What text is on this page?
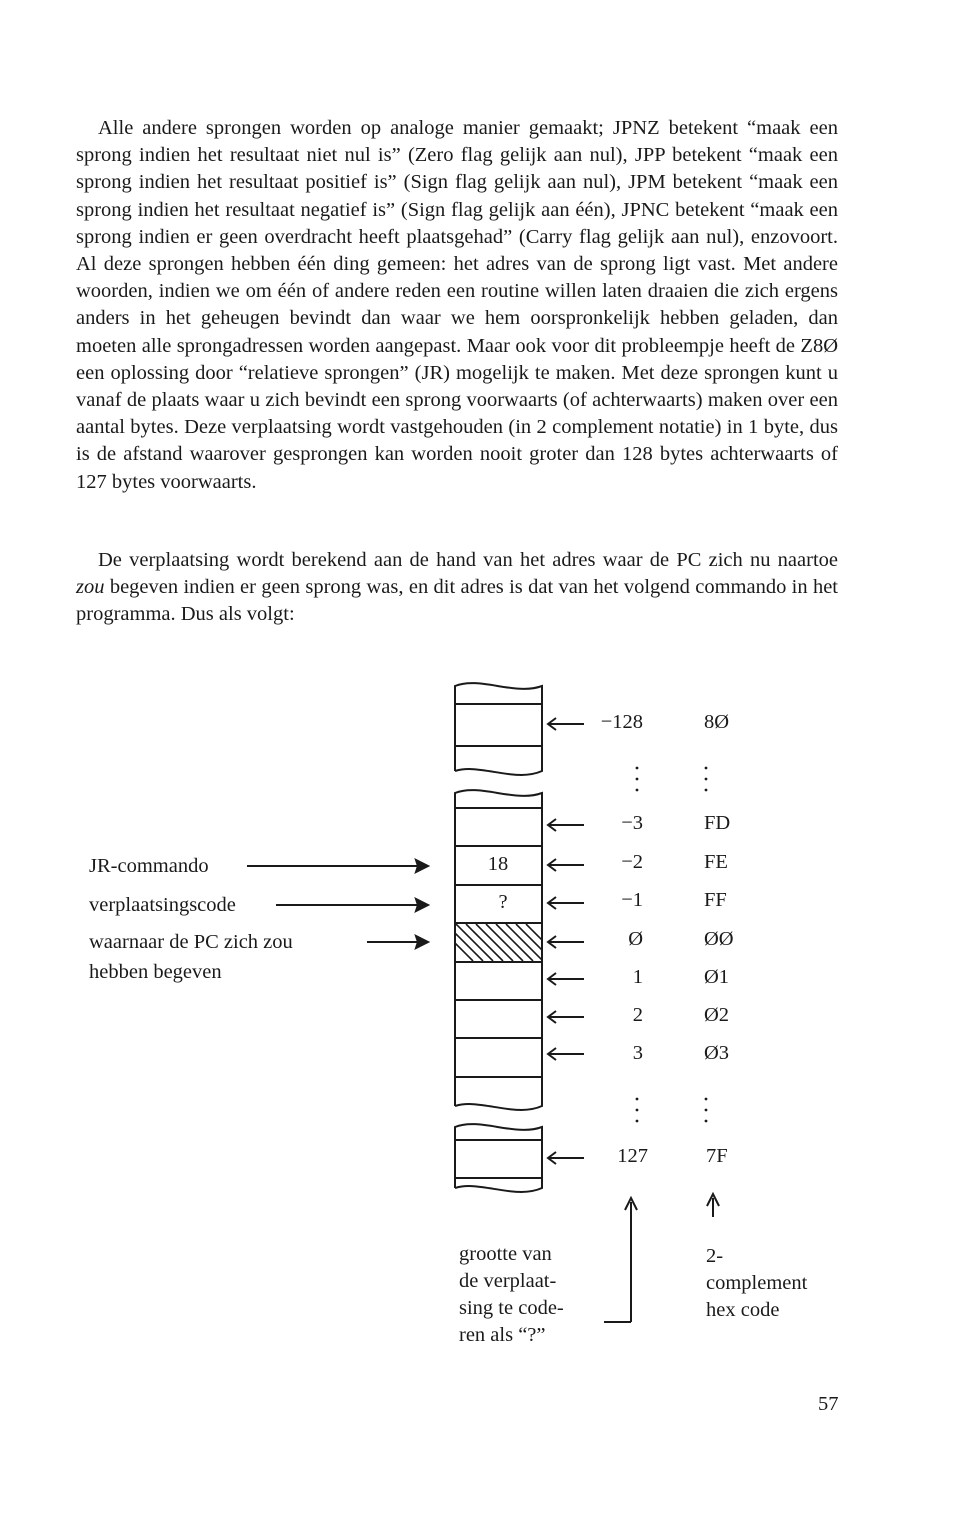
Alle andere sprongen worden op analoge manier gemaakt; JPNZ betekent “maak een sprong indien het resultaat niet nul is” (Zero flag gelijk aan nul), JPP betekent “maak een sprong indien het resultaat positief is” (Sign flag gelijk aan nul), JPM betekent “maak een sprong indien het resultaat negatief is” (Sign flag gelijk aan één), JPNC betekent “maak een sprong indien er geen overdracht heeft plaatsgehad” (Carry flag gelijk aan nul), enzovoort. Al deze sprongen hebben één ding gemeen: het adres van de sprong ligt vast. Met andere woorden, indien we om één of andere reden een routine willen laten draaien die zich ergens anders in het geheugen bevindt dan waar we hem oorspronkelijk hebben geladen, dan moeten alle sprongadressen worden aangepast. Maar ook voor dit probleempje heeft de Z8Ø een oplossing door “relatieve sprongen” (JR) mogelijk te maken. Met deze sprongen kunt u vanaf de plaats waar u zich bevindt een sprong voorwaarts (of achterwaarts) maken over een aantal bytes. Deze verplaatsing wordt vastgehouden (in 2 complement notatie) in 1 byte, dus is de afstand waarover gesprongen kan worden nooit groter dan 128 bytes achterwaarts of 127 bytes voorwaarts.

De verplaatsing wordt berekend aan de hand van het adres waar de PC zich nu naartoe zou begeven indien er geen sprong was, en dit adres is dat van het volgend commando in het programma. Dus als volgt:

JR-commando
verplaatsingscode
waarnaar de PC zich zou
hebben begeven
18
?
−128
−3
−2
−1
Ø
1
2
3
127
8Ø
FD
FE
FF
ØØ
Ø1
Ø2
Ø3
7F
grootte van
de verplaat-
sing te code-
ren als “?”
2-
complement
hex code
57
